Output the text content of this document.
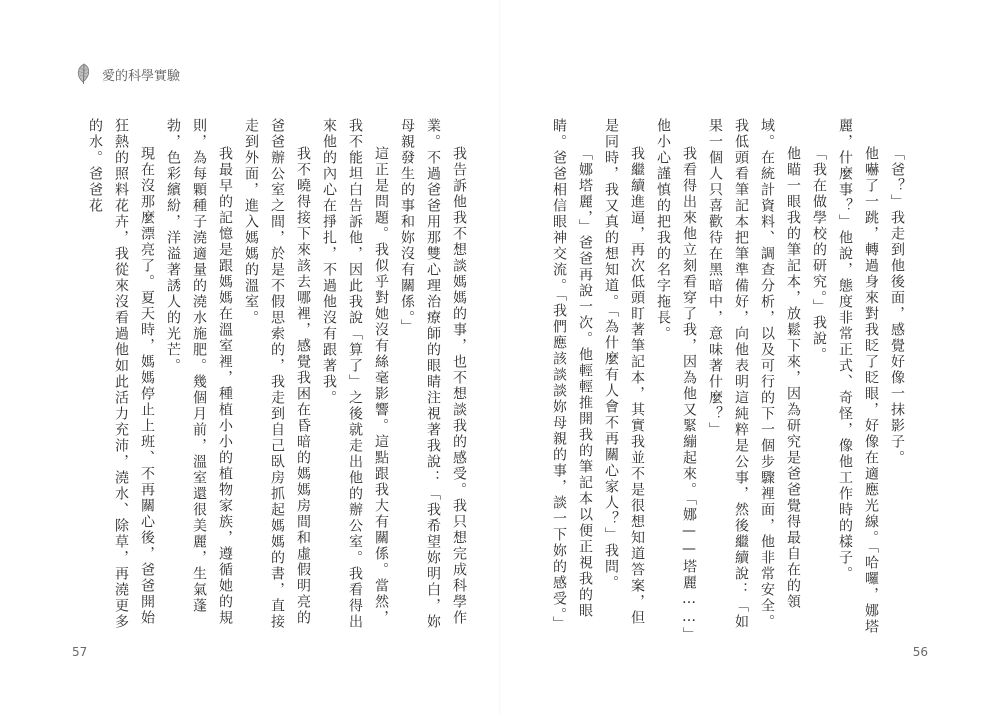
愛的科學實驗

我告訴他我不想談媽媽的事，也不想談我的感受。我只想完成科學作業。不過爸爸用那雙心理治療師的眼睛注視著我說：「我希望妳明白，妳母親發生的事和妳沒有關係。」

這正是問題。我似乎對她沒有絲毫影響。這點跟我大有關係。當然，我不能坦白告訴他，因此我說「算了」之後就走出他的辦公室。我看得出來他的內心在掙扎，不過他沒有跟著我。

我不曉得接下來該去哪裡，感覺我困在昏暗的媽媽房間和虛假明亮的爸爸辦公室之間，於是不假思索的，我走到自己臥房抓起媽媽的書，直接走到外面，進入媽媽的溫室。

我最早的記憶是跟媽媽在溫室裡，種植小小的植物家族，遵循她的規則，為每顆種子澆適量的澆水施肥。幾個月前，溫室還很美麗，生氣蓬勃，色彩繽紛，洋溢著誘人的光芒。

現在沒那麼漂亮了。夏天時，媽媽停止上班、不再關心後，爸爸開始狂熱的照料花卉，我從來沒看過他如此活力充沛，澆水、除草，再澆更多的水。爸爸花

57

「爸？」我走到他後面，感覺好像一抹影子。

他嚇了一跳，轉過身來對我眨了眨眼，好像在適應光線。「哈囉，娜塔麗，什麼事？」他說，態度非常正式、奇怪，像他工作時的樣子。

「我在做學校的研究。」我說。

他瞄一眼我的筆記本，放鬆下來，因為研究是爸爸覺得最自在的領域。在統計資料、調查分析，以及可行的下一個步驟裡面，他非常安全。我低頭看筆記本把筆準備好，向他表明這純粹是公事，然後繼續說：「如果一個人只喜歡待在黑暗中，意味著什麼？」

我看得出來他立刻看穿了我，因為他又緊繃起來。「娜——塔麗……」他小心謹慎的把我的名字拖長。

我繼續進逼，再次低頭盯著筆記本，其實我並不是很想知道答案，但是同時，我又真的想知道。「為什麼有人會不再關心家人？」我問。

「娜塔麗，」爸爸再說一次。他輕輕推開我的筆記本以便正視我的眼睛。爸爸相信眼神交流。「我們應該談談妳母親的事，談一下妳的感受。」

56
